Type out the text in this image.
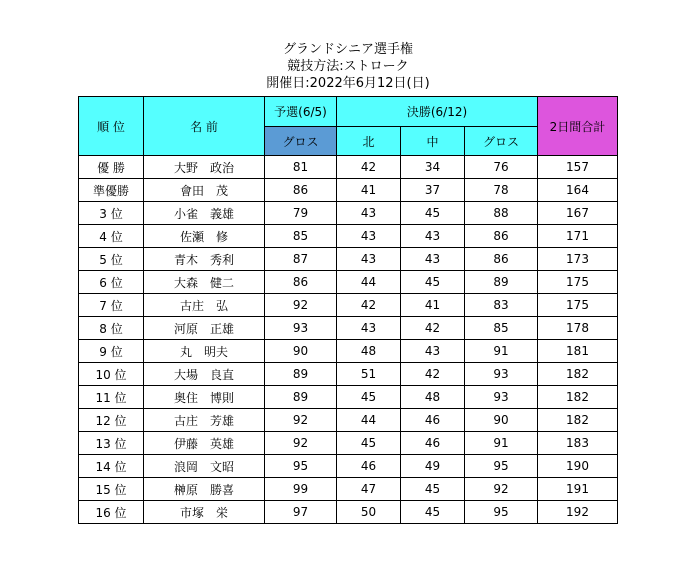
グランドシニア選手権
競技方法:ストローク
開催日:2022年6月12日(日)
順 位	名 前	予選(6/5)	決勝(6/12)			2日間合計
		グロス	北	中	グロス	
優 勝	大野　政治	81	42	34	76	157
準優勝	會田　茂	86	41	37	78	164
3 位	小雀　義雄	79	43	45	88	167
4 位	佐瀬　修	85	43	43	86	171
5 位	青木　秀利	87	43	43	86	173
6 位	大森　健二	86	44	45	89	175
7 位	古庄　弘	92	42	41	83	175
8 位	河原　正雄	93	43	42	85	178
9 位	丸　明夫	90	48	43	91	181
10 位	大場　良直	89	51	42	93	182
11 位	奥住　博則	89	45	48	93	182
12 位	古庄　芳雄	92	44	46	90	182
13 位	伊藤　英雄	92	45	46	91	183
14 位	浪岡　文昭	95	46	49	95	190
15 位	榊原　勝喜	99	47	45	92	191
16 位	市塚　栄	97	50	45	95	192
